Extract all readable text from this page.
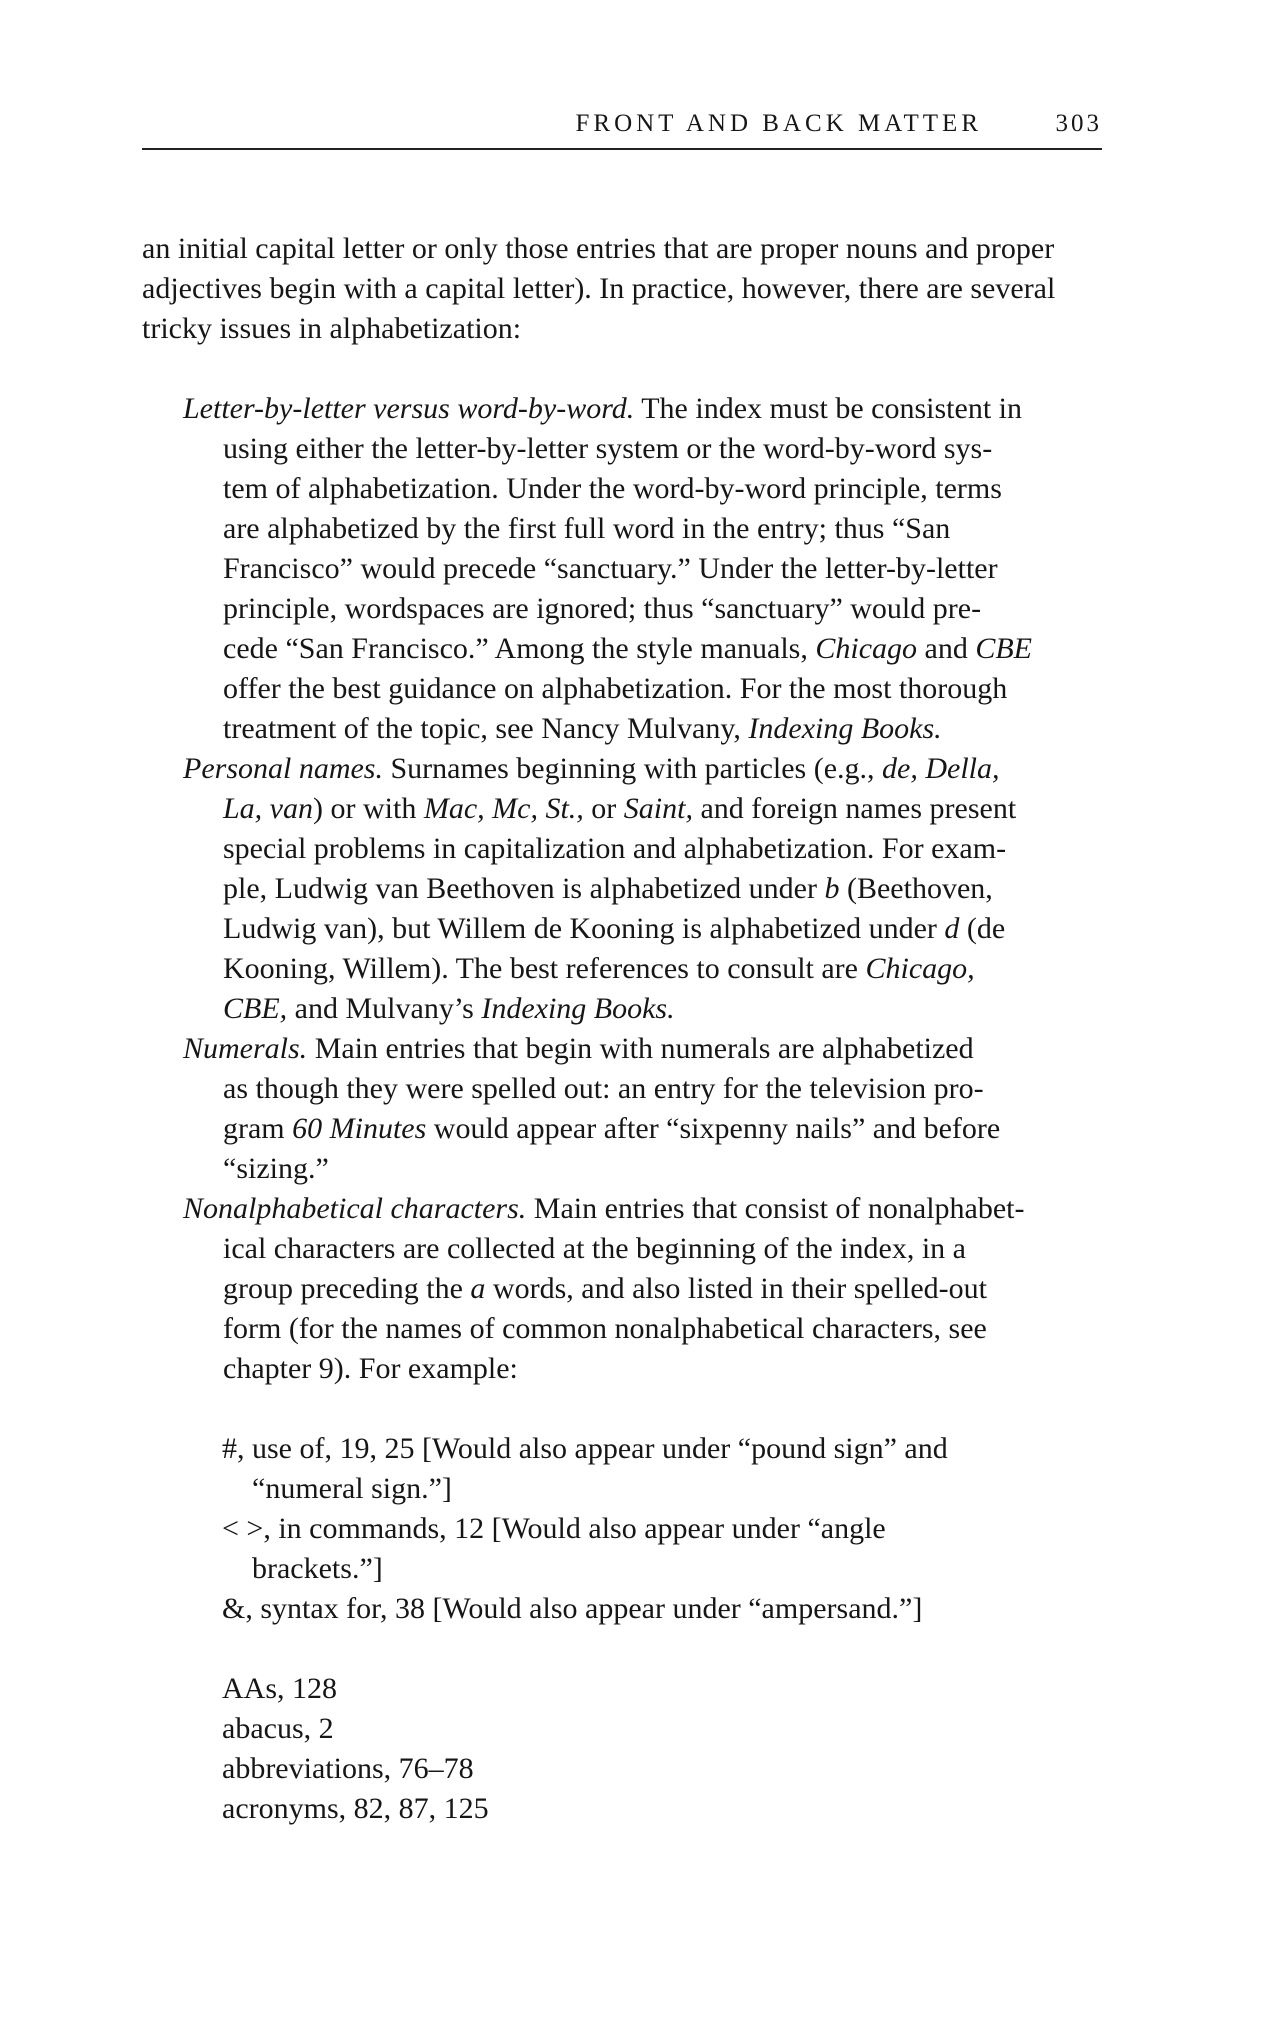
FRONT AND BACK MATTER	303
an initial capital letter or only those entries that are proper nouns and proper
adjectives begin with a capital letter). In practice, however, there are several
tricky issues in alphabetization:
Letter-by-letter versus word-by-word. The index must be consistent in
using either the letter-by-letter system or the word-by-word sys-
tem of alphabetization. Under the word-by-word principle, terms
are alphabetized by the first full word in the entry; thus “San
Francisco” would precede “sanctuary.” Under the letter-by-letter
principle, wordspaces are ignored; thus “sanctuary” would pre-
cede “San Francisco.” Among the style manuals, Chicago and CBE
offer the best guidance on alphabetization. For the most thorough
treatment of the topic, see Nancy Mulvany, Indexing Books.
Personal names. Surnames beginning with particles (e.g., de, Della,
La, van) or with Mac, Mc, St., or Saint, and foreign names present
special problems in capitalization and alphabetization. For exam-
ple, Ludwig van Beethoven is alphabetized under b (Beethoven,
Ludwig van), but Willem de Kooning is alphabetized under d (de
Kooning, Willem). The best references to consult are Chicago,
CBE, and Mulvany’s Indexing Books.
Numerals. Main entries that begin with numerals are alphabetized
as though they were spelled out: an entry for the television pro-
gram 60 Minutes would appear after “sixpenny nails” and before
“sizing.”
Nonalphabetical characters. Main entries that consist of nonalphabet-
ical characters are collected at the beginning of the index, in a
group preceding the a words, and also listed in their spelled-out
form (for the names of common nonalphabetical characters, see
chapter 9). For example:
#, use of, 19, 25 [Would also appear under “pound sign” and
“numeral sign.”]
< >, in commands, 12 [Would also appear under “angle
brackets.”]
&, syntax for, 38 [Would also appear under “ampersand.”]
AAs, 128
abacus, 2
abbreviations, 76–78
acronyms, 82, 87, 125
